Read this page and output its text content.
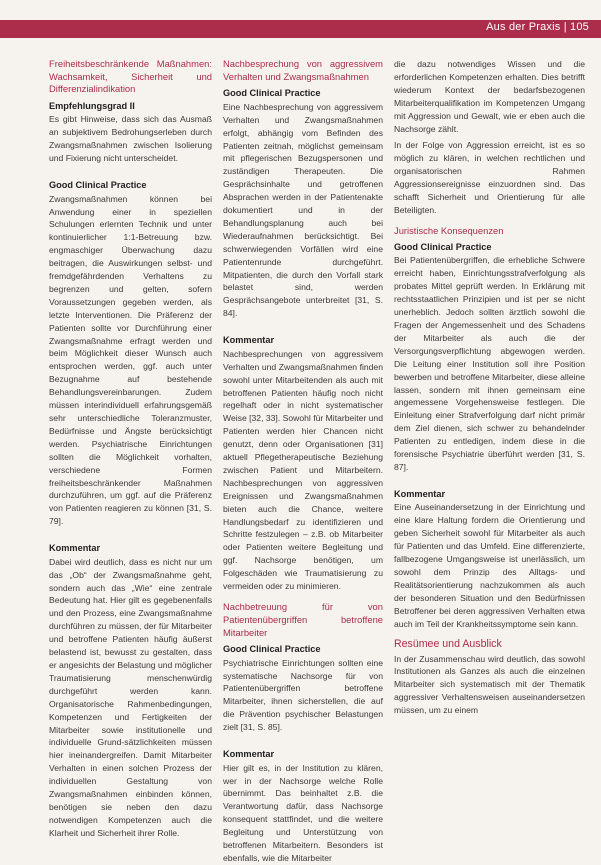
Aus der Praxis | 105
Freiheitsbeschränkende Maßnahmen: Wachsamkeit, Sicherheit und Differenzialindikation
Empfehlungsgrad II

Es gibt Hinweise, dass sich das Ausmaß an subjektivem Bedrohungserleben durch Zwangsmaßnahmen zwischen Isolierung und Fixierung nicht unterscheidet.

Good Clinical Practice

Zwangsmaßnahmen können bei Anwendung einer in speziellen Schulungen erlernten Technik und unter kontinuierlicher 1:1-Betreuung bzw. engmaschiger Überwachung dazu beitragen, die Auswirkungen selbst- und fremdgefährdenden Verhaltens zu begrenzen und gelten, sofern Voraussetzungen gegeben werden, als letzte Interventionen. Die Präferenz der Patienten sollte vor Durchführung einer Zwangsmaßnahme erfragt werden und beim Möglichkeit dieser Wunsch auch entsprochen werden, ggf. auch unter Bezugnahme auf bestehende Behandlungsvereinbarungen. Zudem müssen interindividuell erfahrungsgemäß sehr unterschiedliche Toleranzmuster, Bedürfnisse und Ängste berücksichtigt werden. Psychiatrische Einrichtungen sollten die Möglichkeit vorhalten, verschiedene Formen freiheitsbeschränkender Maßnahmen durchzuführen, um ggf. auf die Präferenz von Patienten reagieren zu können [31, S. 79].

Kommentar

Dabei wird deutlich, dass es nicht nur um das „Ob“ der Zwangsmaßnahme geht, sondern auch das „Wie“ eine zentrale Bedeutung hat. Hier gilt es gegebenenfalls und den Prozess, eine Zwangsmaßnahme durchführen zu müssen, der für Mitarbeiter und betroffene Patienten häufig äußerst belastend ist, bewusst zu gestalten, dass er angesichts der Belastung und möglicher Traumatisierung menschenwürdig durchgeführt werden kann. Organisatorische Rahmenbedingungen, Kompetenzen und Fertigkeiten der Mitarbeiter sowie institutionelle und individuelle Grund-sätzlichkeiten müssen hier ineinandergreifen. Damit Mitarbeiter Verhalten in einen solchen Prozess der individuellen Gestaltung von Zwangsmaßnahmen einbinden können, benötigen sie neben den dazu notwendigen Kompetenzen auch die Klarheit und Sicherheit ihrer Rolle.

Nachbesprechung von aggressivem Verhalten und Zwangsmaßnahmen
Good Clinical Practice

Eine Nachbesprechung von aggressivem Verhalten und Zwangsmaßnahmen erfolgt, abhängig vom Befinden des Patienten zeitnah, möglichst gemeinsam mit pflegerischen Bezugspersonen und zuständigen Therapeuten. Die Gesprächsinhalte und getroffenen Absprachen werden in der Patientenakte dokumentiert und in der Behandlungsplanung auch bei Wiederaufnahmen berücksichtigt. Bei schwerwiegenden Vorfällen wird eine Patientenrunde durchgeführt. Mitpatienten, die durch den Vorfall stark belastet sind, werden Gesprächsangebote unterbreitet [31, S. 84].

Kommentar

Nachbesprechungen von aggressivem Verhalten und Zwangsmaßnahmen finden sowohl unter Mitarbeitenden als auch mit betroffenen Patienten häufig noch nicht regelhaft oder in nicht systematischer Weise [32, 33]. Sowohl für Mitarbeiter und Patienten werden hier Chancen nicht genutzt, denn oder Organisationen [31] aktuell Pflegetherapeutische Beziehung zwischen Patient und Mitarbeitern. Nachbesprechungen von aggressiven Ereignissen und Zwangsmaßnahmen bieten auch die Chance, weitere Handlungsbedarf zu identifizieren und Schritte festzulegen – z.B. ob Mitarbeiter oder Patienten weitere Begleitung und ggf. Nachsorge benötigen, um Folgeschäden wie Traumatisierung zu vermeiden oder zu minimieren.

Nachbetreuung für von Patientenübergriffen betroffene Mitarbeiter
Good Clinical Practice

Psychiatrische Einrichtungen sollten eine systematische Nachsorge für von Patientenübergriffen betroffene Mitarbeiter, ihnen sicherstellen, die auf die Prävention psychischer Belastungen zielt [31, S. 85].

Kommentar

Hier gilt es, in der Institution zu klären, wer in der Nachsorge welche Rolle übernimmt. Das beinhaltet z.B. die Verantwortung dafür, dass Nachsorge konsequent stattfindet, und die weitere Begleitung und Unterstützung von betroffenen Mitarbeitern. Besonders ist ebenfalls, wie die Mitarbeiter

die dazu notwendiges Wissen und die erforderlichen Kompetenzen erhalten. Dies betrifft wiederum Kontext der bedarfsbezogenen Mitarbeiterqualifikation im Kompetenzen Umgang mit Aggression und Gewalt, wie er eben auch die Nachsorge zählt.

In der Folge von Aggression erreicht, ist es so möglich zu klären, in welchen rechtlichen und organisatorischen Rahmen Aggressionsereignisse einzuordnen sind. Das schafft Sicherheit und Orientierung für alle Beteiligten.

Juristische Konsequenzen
Good Clinical Practice

Bei Patientenübergriffen, die erhebliche Schwere erreicht haben, Einrichtungsstrafverfolgung als probates Mittel geprüft werden. In Erklärung mit rechtsstaatlichen Prinzipien und ist per se nicht unerheblich. Jedoch sollten ärztlich sowohl die Fragen der Angemessenheit und des Schadens der Mitarbeiter als auch die der Versorgungsverpflichtung abgewogen werden. Die Leitung einer Institution soll ihre Position bewerben und betroffene Mitarbeiter, diese alleine lassen, sondern mit ihnen gemeinsam eine angemessene Vorgehensweise festlegen. Die Einleitung einer Strafverfolgung darf nicht primär dem Ziel dienen, sich schwer zu behandelnder Patienten zu entledigen, indem diese in die forensische Psychiatrie überführt werden [31, S. 87].

Kommentar

Eine Auseinandersetzung in der Einrichtung und eine klare Haltung fordern die Orientierung und geben Sicherheit sowohl für Mitarbeiter als auch für Patienten und das Umfeld. Eine differenzierte, fallbezogene Umgangsweise ist unerlässlich, um sowohl dem Prinzip des Alltags- und Realitätsorientierung nachzukommen als auch der besonderen Situation und den Bedürfnissen Betroffener bei deren aggressiven Verhalten etwa auch im Teil der Krankheitssymptome sein kann.

Resümee und Ausblick

In der Zusammenschau wird deutlich, das sowohl Institutionen als Ganzes als auch die einzelnen Mitarbeiter sich systematisch mit der Thematik aggressiver Verhaltensweisen auseinandersetzen müssen, um zu einem
